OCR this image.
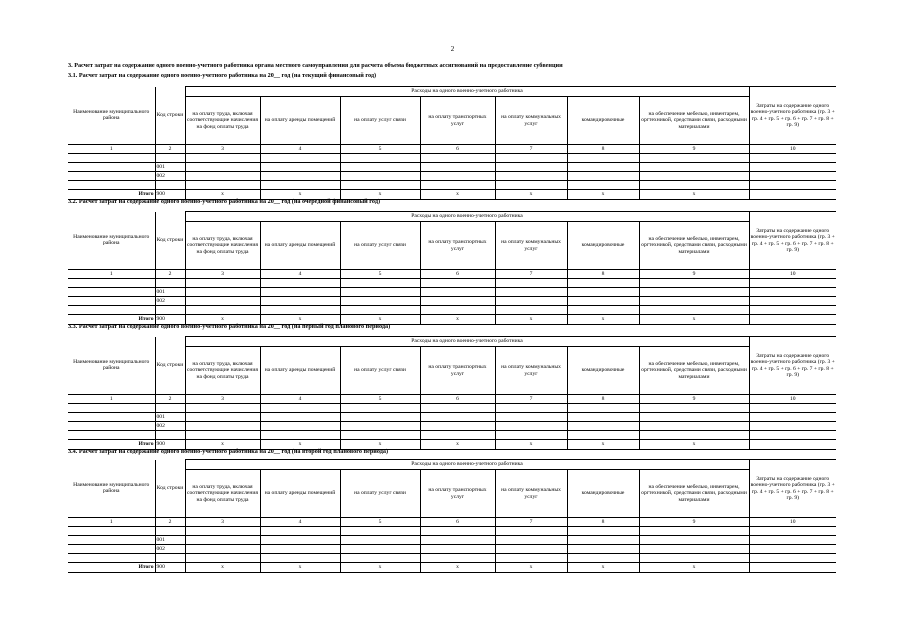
2
3. Расчет затрат на содержание одного военно-учетного работника органа местного самоуправления для расчета объема бюджетных ассигнований на предоставление субвенции
3.1. Расчет затрат на содержание одного военно-учетного работника на 20__ год (на текущий финансовый год)
Наименование муниципального района	Код строки	Расходы на одного военно-учетного работника							Затраты на содержание одного военно-учетного работника (гр. 3 + гр. 4 + гр. 5 + гр. 6 + гр. 7 + гр. 8 + гр. 9)
		на оплату труда, включая соответствующие начисления на фонд оплаты труда	на оплату аренды помещений	на оплату услуг связи	на оплату транспортных услуг	на оплату коммунальных услуг	командировочные	на обеспечение мебелью, инвентарем, оргтехникой, средствами связи, расходными материалами	
1	2	3	4	5	6	7	8	9	10

	001								
	002								

Итого	900	x	x	x	x	x	x	x	
3.2. Расчет затрат на содержание одного военно-учетного работника на 20__ год (на очередной финансовый год)
Наименование муниципального района	Код строки	Расходы на одного военно-учетного работника							Затраты на содержание одного военно-учетного работника (гр. 3 + гр. 4 + гр. 5 + гр. 6 + гр. 7 + гр. 8 + гр. 9)
		на оплату труда, включая соответствующие начисления на фонд оплаты труда	на оплату аренды помещений	на оплату услуг связи	на оплату транспортных услуг	на оплату коммунальных услуг	командировочные	на обеспечение мебелью, инвентарем, оргтехникой, средствами связи, расходными материалами	
1	2	3	4	5	6	7	8	9	10

	001								
	002								

Итого	900	x	x	x	x	x	x	x	
3.3. Расчет затрат на содержание одного военно-учетного работника на 20__ год (на первый год планового периода)
Наименование муниципального района	Код строки	Расходы на одного военно-учетного работника							Затраты на содержание одного военно-учетного работника (гр. 3 + гр. 4 + гр. 5 + гр. 6 + гр. 7 + гр. 8 + гр. 9)
		на оплату труда, включая соответствующие начисления на фонд оплаты труда	на оплату аренды помещений	на оплату услуг связи	на оплату транспортных услуг	на оплату коммунальных услуг	командировочные	на обеспечение мебелью, инвентарем, оргтехникой, средствами связи, расходными материалами	
1	2	3	4	5	6	7	8	9	10

	001								
	002								

Итого	900	x	x	x	x	x	x	x	
3.4. Расчет затрат на содержание одного военно-учетного работника на 20__ год (на второй год планового периода)
Наименование муниципального района	Код строки	Расходы на одного военно-учетного работника							Затраты на содержание одного военно-учетного работника (гр. 3 + гр. 4 + гр. 5 + гр. 6 + гр. 7 + гр. 8 + гр. 9)
		на оплату труда, включая соответствующие начисления на фонд оплаты труда	на оплату аренды помещений	на оплату услуг связи	на оплату транспортных услуг	на оплату коммунальных услуг	командировочные	на обеспечение мебелью, инвентарем, оргтехникой, средствами связи, расходными материалами	
1	2	3	4	5	6	7	8	9	10

	001								
	002								

Итого	900	x	x	x	x	x	x	x	
